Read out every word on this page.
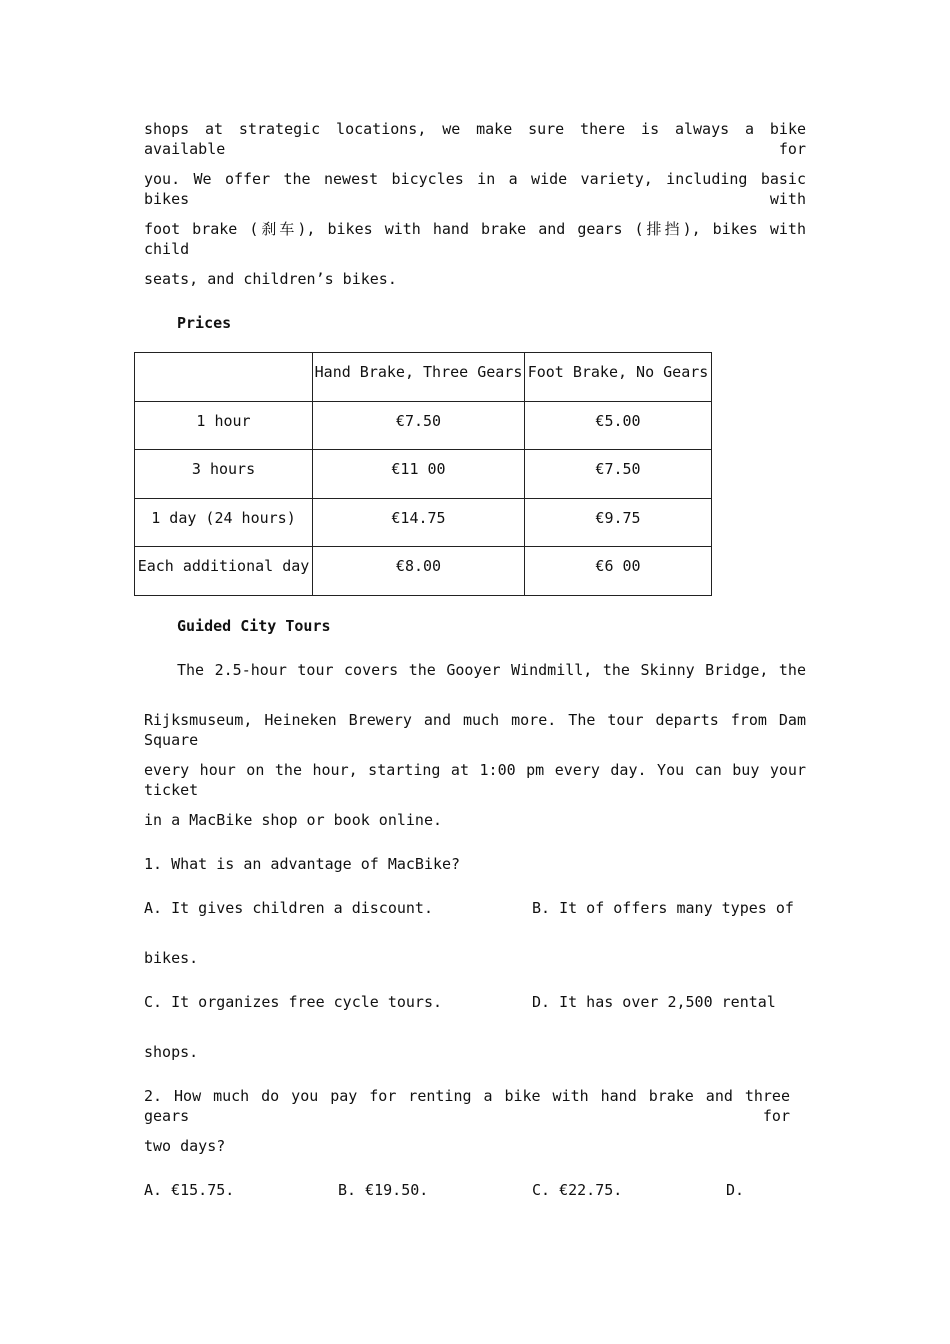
shops at strategic locations, we make sure there is always a bike available for
you. We offer the newest bicycles in a wide variety, including basic bikes with
foot brake (刹车), bikes with hand brake and gears (排挡), bikes with child
seats, and children’s bikes.
Prices
	Hand Brake, Three Gears	Foot Brake, No Gears
1 hour	€7.50	€5.00
3 hours	€11 00	€7.50
1 day (24 hours)	€14.75	€9.75
Each additional day	€8.00	€6 00
Guided City Tours
The 2.5-hour tour covers the Gooyer Windmill, the Skinny Bridge, the
Rijksmuseum, Heineken Brewery and much more. The tour departs from Dam Square
every hour on the hour, starting at 1:00 pm every day. You can buy your ticket
in a MacBike shop or book online.
1. What is an advantage of MacBike?
A. It gives children a discount.	B. It of offers many types of
bikes.
C. It organizes free cycle tours.	D. It has over 2,500 rental
shops.
2. How much do you pay for renting a bike with hand brake and three gears for
two days?
A. €15.75.	B. €19.50.	C. €22.75.	D.
